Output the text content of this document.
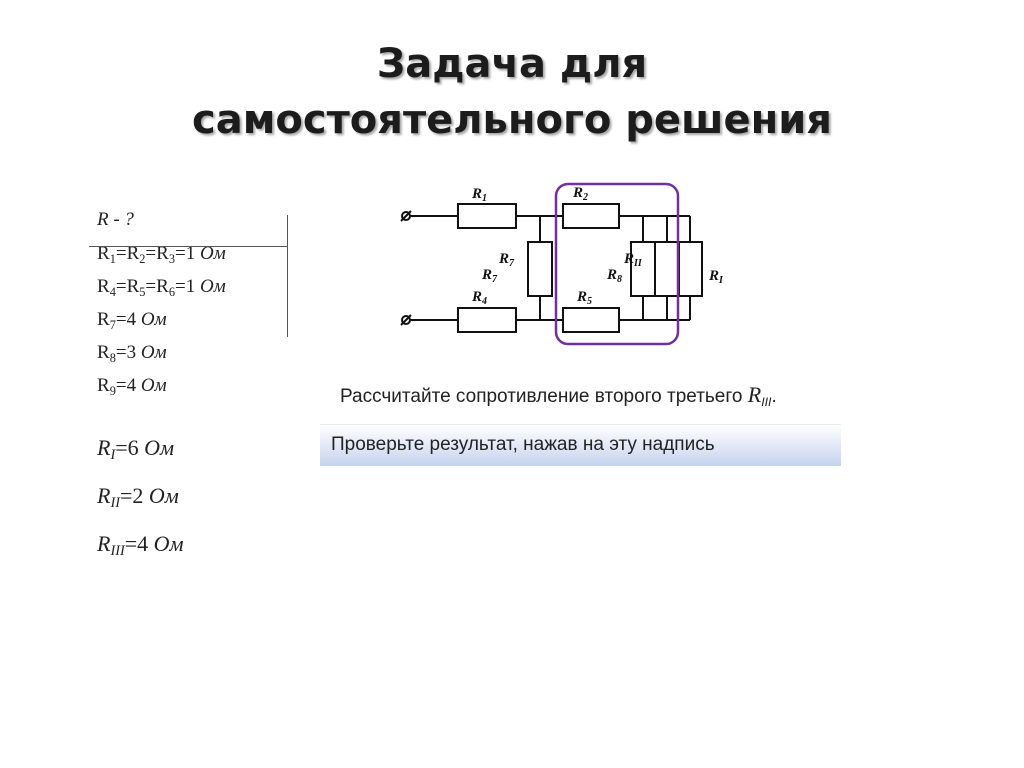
Задача для
самостоятельного решения
R - ?
$R_1=R_2=R_3=1$ Ом
$R_4=R_5=R_6=1$ Ом
$R_7=4$ Ом
$R_8=3$ Ом
$R_9=4$ Ом
$R_I=6$ Ом
$R_{II}=2$ Ом
$R_{III}=4$ Ом
Рассчитайте сопротивление второго третьего $R_{III}$.
Проверьте результат, нажав на эту надпись
$R_1$	$R_2$
$R_7$
$R_7$
$R_4$	$R_5$
$R_8$
$R_{II}$
$R_I$
